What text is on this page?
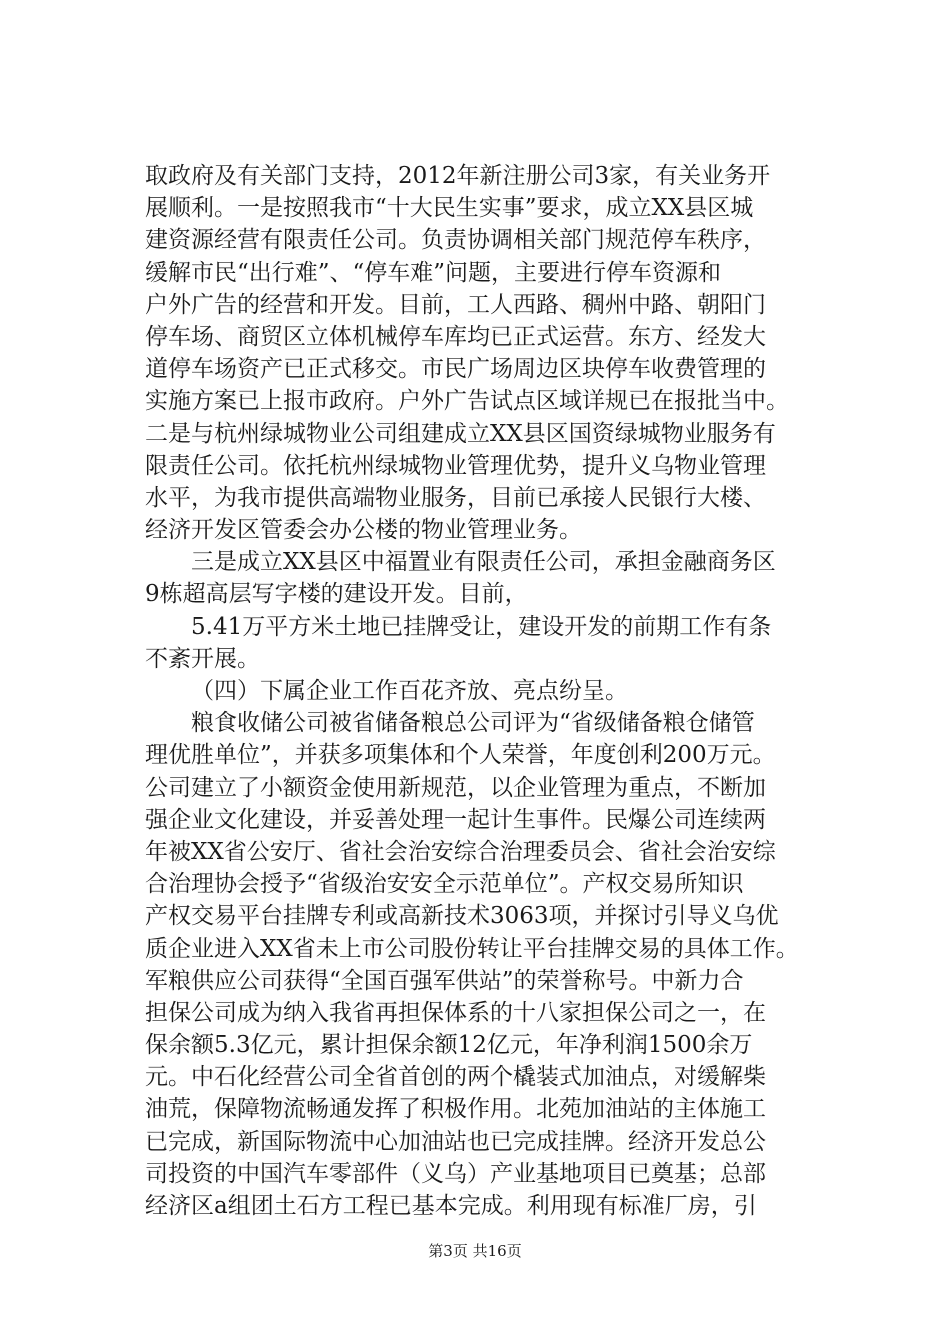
取政府及有关部门支持，2012年新注册公司3家，有关业务开
展顺利。一是按照我市“十大民生实事”要求，成立XX县区城
建资源经营有限责任公司。负责协调相关部门规范停车秩序，
缓解市民“出行难”、“停车难”问题，主要进行停车资源和
户外广告的经营和开发。目前，工人西路、稠州中路、朝阳门
停车场、商贸区立体机械停车库均已正式运营。东方、经发大
道停车场资产已正式移交。市民广场周边区块停车收费管理的
实施方案已上报市政府。户外广告试点区域详规已在报批当中。
二是与杭州绿城物业公司组建成立XX县区国资绿城物业服务有
限责任公司。依托杭州绿城物业管理优势，提升义乌物业管理
水平，为我市提供高端物业服务，目前已承接人民银行大楼、
经济开发区管委会办公楼的物业管理业务。
三是成立XX县区中福置业有限责任公司，承担金融商务区
9栋超高层写字楼的建设开发。目前，
5.41万平方米土地已挂牌受让，建设开发的前期工作有条
不紊开展。
（四）下属企业工作百花齐放、亮点纷呈。
粮食收储公司被省储备粮总公司评为“省级储备粮仓储管
理优胜单位”，并获多项集体和个人荣誉，年度创利200万元。
公司建立了小额资金使用新规范，以企业管理为重点，不断加
强企业文化建设，并妥善处理一起计生事件。民爆公司连续两
年被XX省公安厅、省社会治安综合治理委员会、省社会治安综
合治理协会授予“省级治安安全示范单位”。产权交易所知识
产权交易平台挂牌专利或高新技术3063项，并探讨引导义乌优
质企业进入XX省未上市公司股份转让平台挂牌交易的具体工作。
军粮供应公司获得“全国百强军供站”的荣誉称号。中新力合
担保公司成为纳入我省再担保体系的十八家担保公司之一，在
保余额5.3亿元，累计担保余额12亿元，年净利润1500余万
元。中石化经营公司全省首创的两个橇装式加油点，对缓解柴
油荒，保障物流畅通发挥了积极作用。北苑加油站的主体施工
已完成，新国际物流中心加油站也已完成挂牌。经济开发总公
司投资的中国汽车零部件（义乌）产业基地项目已奠基；总部
经济区a组团土石方工程已基本完成。利用现有标准厂房，引
第3页 共16页
